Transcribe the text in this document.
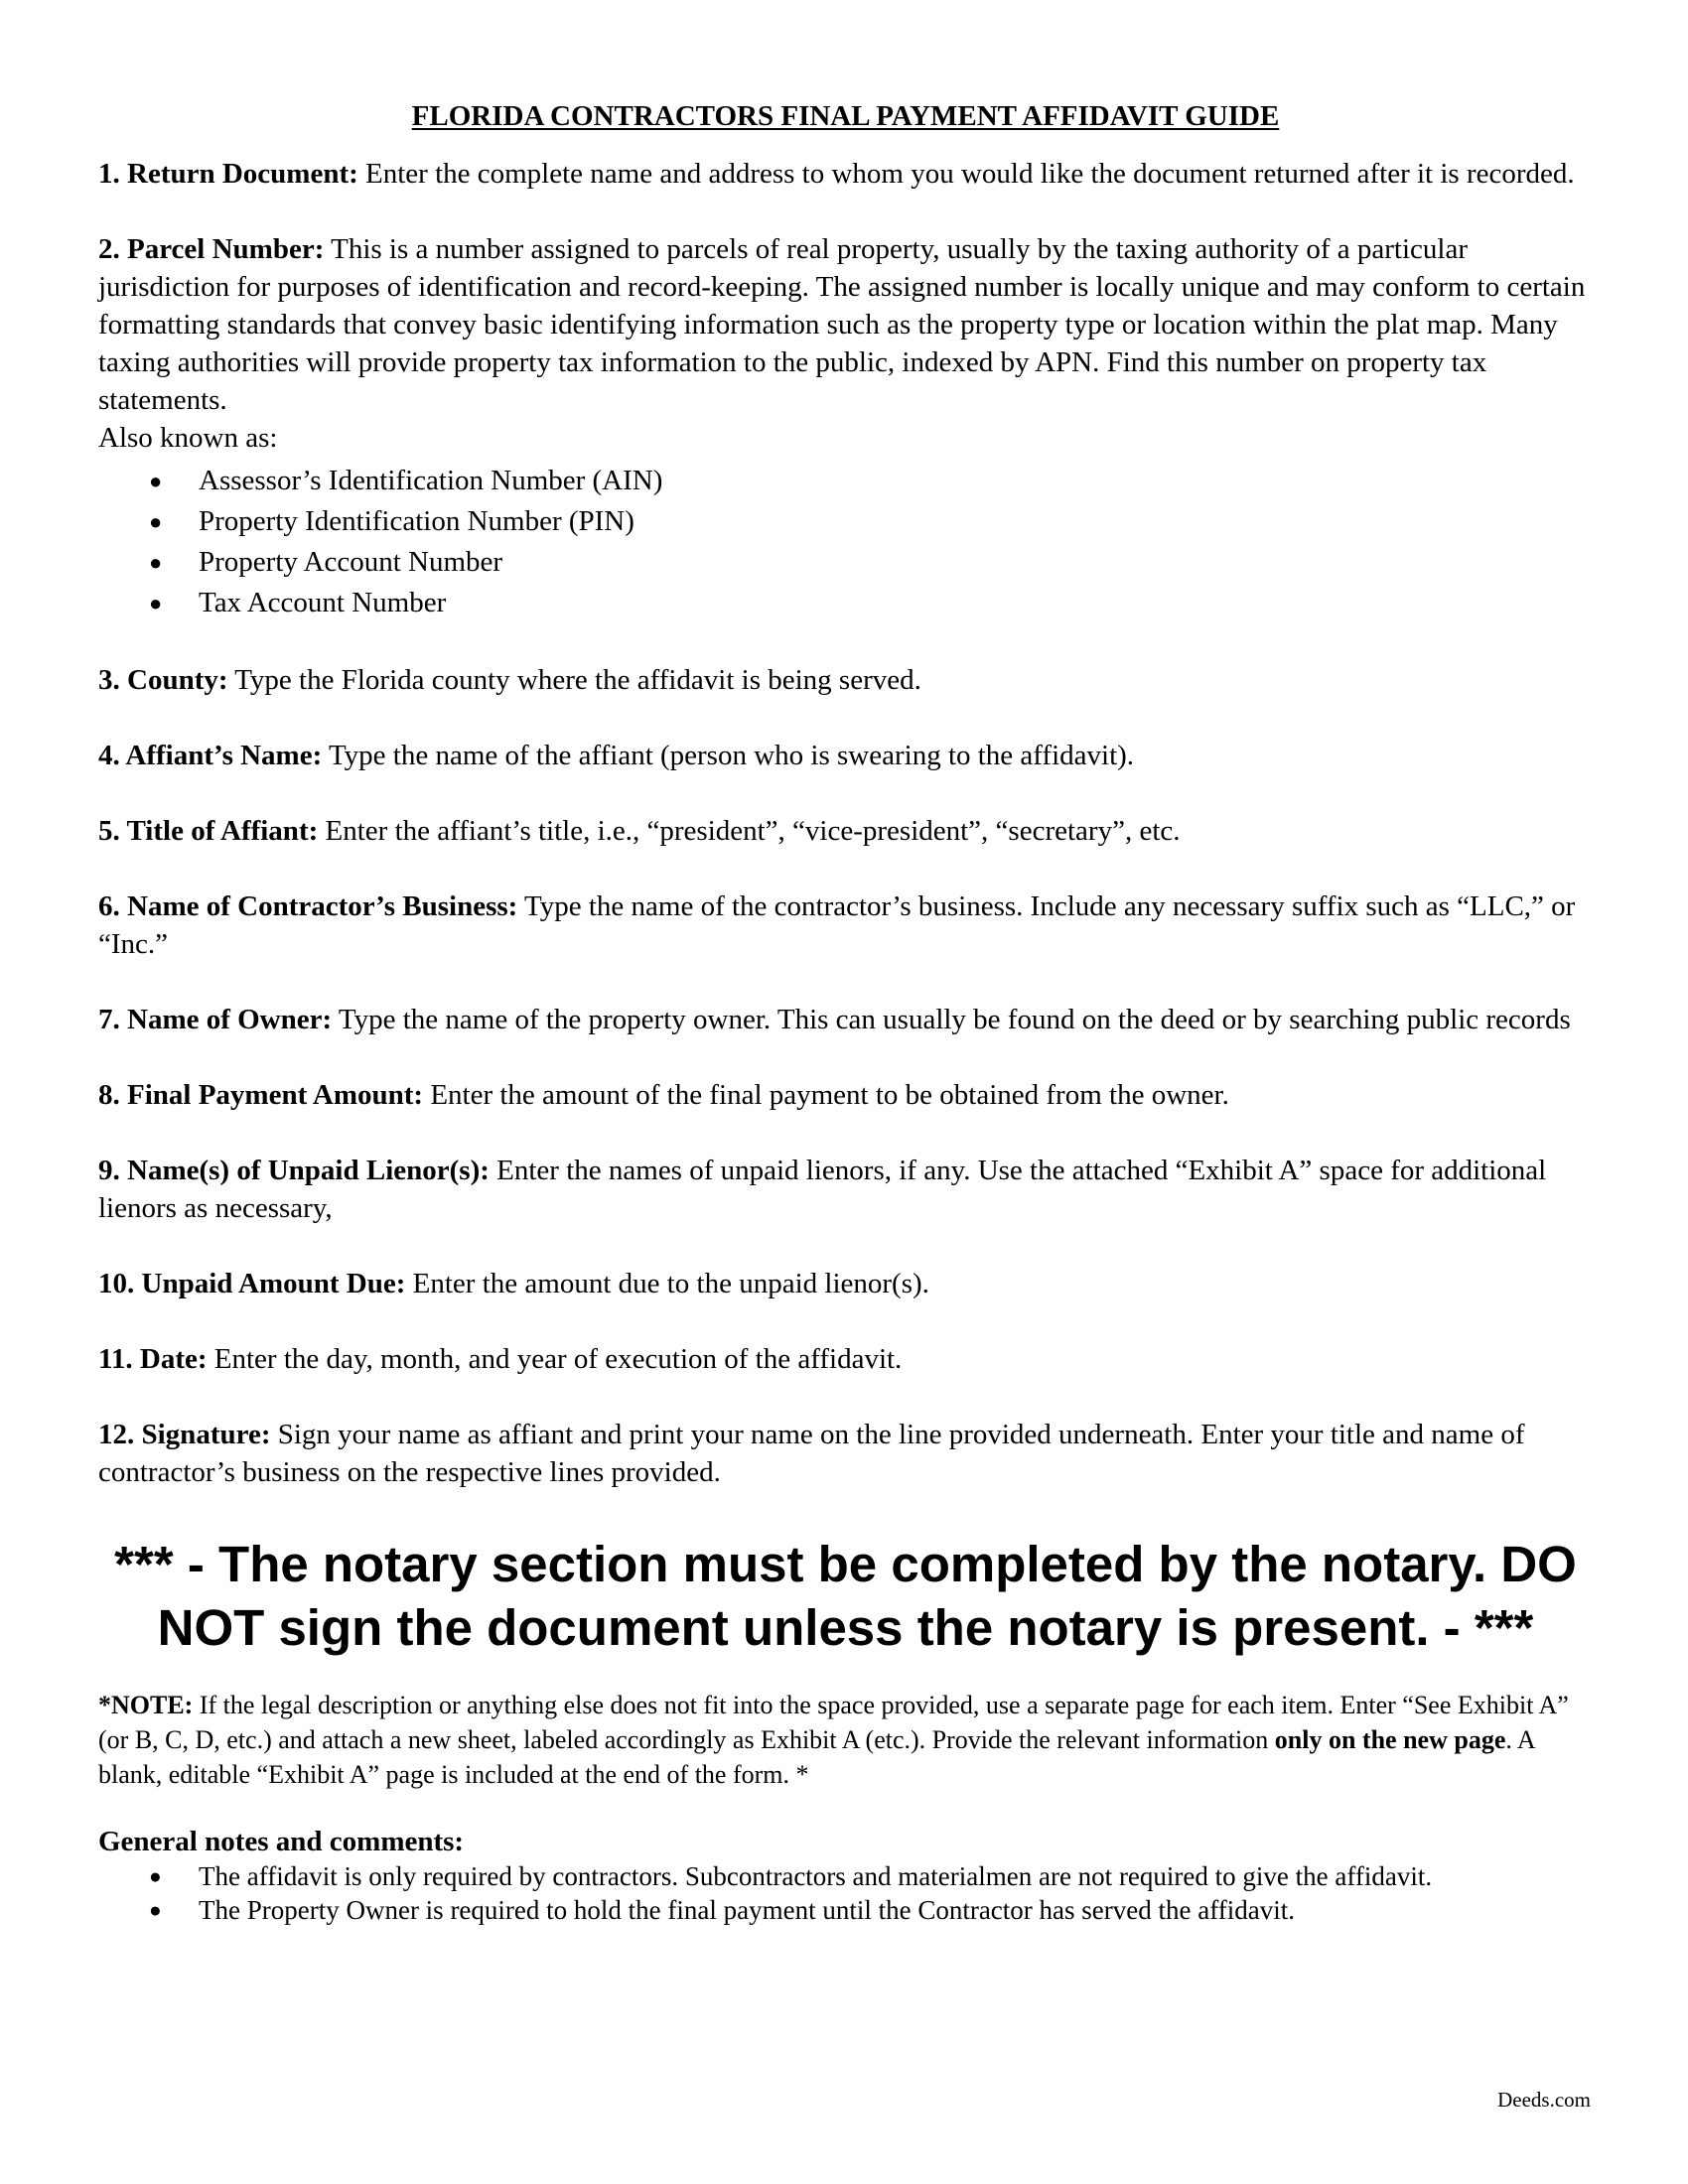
FLORIDA CONTRACTORS FINAL PAYMENT AFFIDAVIT GUIDE

1. Return Document: Enter the complete name and address to whom you would like the document returned after it is recorded.

2. Parcel Number: This is a number assigned to parcels of real property, usually by the taxing authority of a particular jurisdiction for purposes of identification and record-keeping. The assigned number is locally unique and may conform to certain formatting standards that convey basic identifying information such as the property type or location within the plat map. Many taxing authorities will provide property tax information to the public, indexed by APN. Find this number on property tax statements.

Also known as:

● Assessor’s Identification Number (AIN)
● Property Identification Number (PIN)
● Property Account Number
● Tax Account Number

3. County: Type the Florida county where the affidavit is being served.

4. Affiant’s Name: Type the name of the affiant (person who is swearing to the affidavit).

5. Title of Affiant: Enter the affiant’s title, i.e., “president”, “vice-president”, “secretary”, etc.

6. Name of Contractor’s Business: Type the name of the contractor’s business. Include any necessary suffix such as “LLC,” or “Inc.”

7. Name of Owner: Type the name of the property owner. This can usually be found on the deed or by searching public records

8. Final Payment Amount: Enter the amount of the final payment to be obtained from the owner.

9. Name(s) of Unpaid Lienor(s): Enter the names of unpaid lienors, if any. Use the attached “Exhibit A” space for additional lienors as necessary,

10. Unpaid Amount Due: Enter the amount due to the unpaid lienor(s).

11. Date: Enter the day, month, and year of execution of the affidavit.

12. Signature: Sign your name as affiant and print your name on the line provided underneath. Enter your title and name of contractor’s business on the respective lines provided.

*** - The notary section must be completed by the notary. DO NOT sign the document unless the notary is present. - ***

*NOTE: If the legal description or anything else does not fit into the space provided, use a separate page for each item. Enter “See Exhibit A” (or B, C, D, etc.) and attach a new sheet, labeled accordingly as Exhibit A (etc.). Provide the relevant information only on the new page. A blank, editable “Exhibit A” page is included at the end of the form. *

General notes and comments:

● The affidavit is only required by contractors. Subcontractors and materialmen are not required to give the affidavit.
● The Property Owner is required to hold the final payment until the Contractor has served the affidavit.
Deeds.com
